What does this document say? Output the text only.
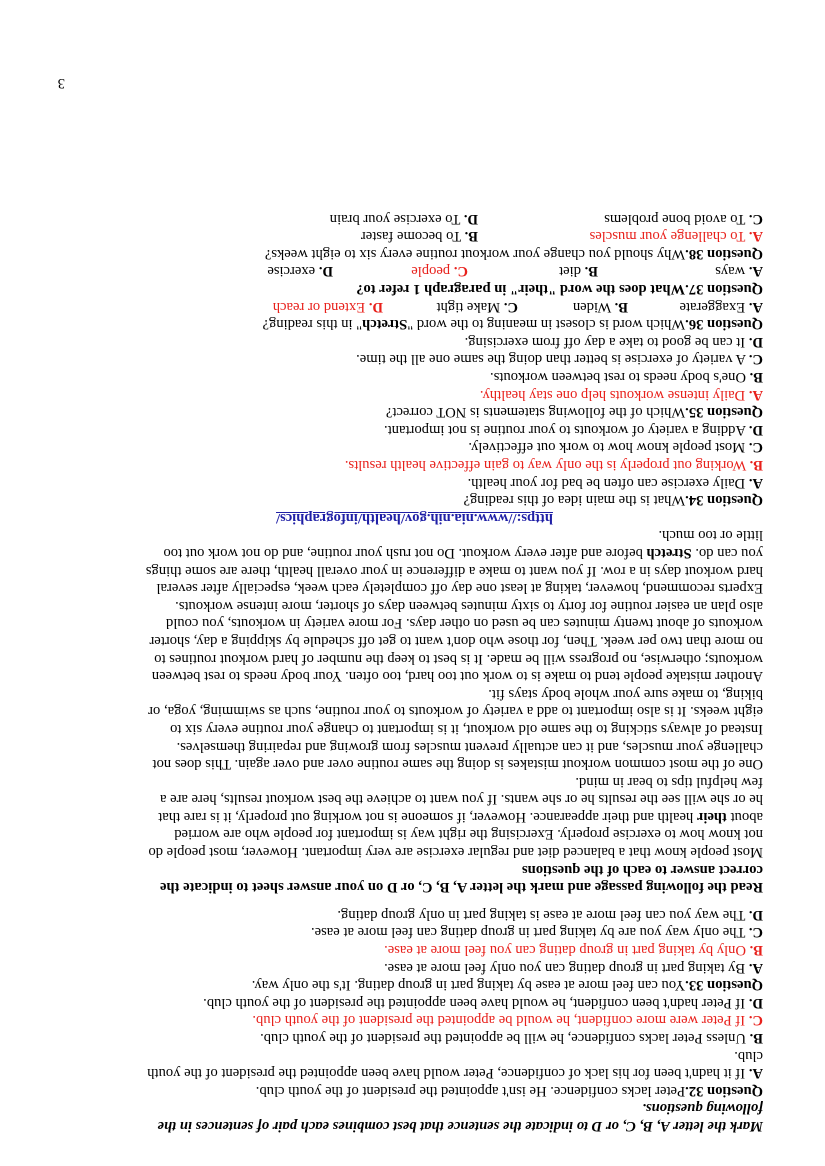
Mark the letter A, B, C, or D to indicate the sentence that best combines each pair of sentences in the
following questions.
Question 32.Peter lacks confidence. He isn't appointed the president of the youth club.
A. If it hadn't been for his lack of confidence, Peter would have been appointed the president of the youth
club.
B. Unless Peter lacks confidence, he will be appointed the president of the youth club.
C. If Peter were more confident, he would be appointed the president of the youth club.
D. If Peter hadn't been confident, he would have been appointed the president of the youth club.
Question 33.You can feel more at ease by taking part in group dating. It's the only way.
A. By taking part in group dating can you only feel more at ease.
B. Only by taking part in group dating can you feel more at ease.
C. The only way you are by taking part in group dating can feel more at ease.
D. The way you can feel more at ease is taking part in only group dating.
Read the following passage and mark the letter A, B, C, or D on your answer sheet to indicate the
correct answer to each of the questions
Most people know that a balanced diet and regular exercise are very important. However, most people do
not know how to exercise properly. Exercising the right way is important for people who are worried
about their health and their appearance. However, if someone is not working out properly, it is rare that
he or she will see the results he or she wants. If you want to achieve the best workout results, here are a
few helpful tips to bear in mind.
One of the most common workout mistakes is doing the same routine over and over again. This does not
challenge your muscles, and it can actually prevent muscles from growing and repairing themselves.
Instead of always sticking to the same old workout, it is important to change your routine every six to
eight weeks. It is also important to add a variety of workouts to your routine, such as swimming, yoga, or
biking, to make sure your whole body stays fit.
Another mistake people tend to make is to work out too hard, too often. Your body needs to rest between
workouts; otherwise, no progress will be made. It is best to keep the number of hard workout routines to
no more than two per week. Then, for those who don't want to get off schedule by skipping a day, shorter
workouts of about twenty minutes can be used on other days. For more variety in workouts, you could
also plan an easier routine for forty to sixty minutes between days of shorter, more intense workouts.
Experts recommend, however, taking at least one day off completely each week, especially after several
hard workout days in a row. If you want to make a difference in your overall health, there are some things
you can do. Stretch before and after every workout. Do not rush your routine, and do not work out too
little or too much.
https://www.nia.nih.gov/health/infographics/
Question 34.What is the main idea of this reading?
A. Daily exercise can often be bad for your health.
B. Working out properly is the only way to gain effective health results.
C. Most people know how to work out effectively.
D. Adding a variety of workouts to your routine is not important.
Question 35.Which of the following statements is NOT correct?
A. Daily intense workouts help one stay healthy.
B. One's body needs to rest between workouts.
C. A variety of exercise is better than doing the same one all the time.
D. It can be good to take a day off from exercising.
Question 36.Which word is closest in meaning to the word "Stretch" in this reading?
A. Exaggerate
B. Widen
C. Make tight
D. Extend or reach
Question 37.What does the word "their" in paragraph 1 refer to?
A. ways
B. diet
C. people
D. exercise
Question 38.Why should you change your workout routine every six to eight weeks?
A. To challenge your muscles
B. To become faster
C. To avoid bone problems
D. To exercise your brain
3
